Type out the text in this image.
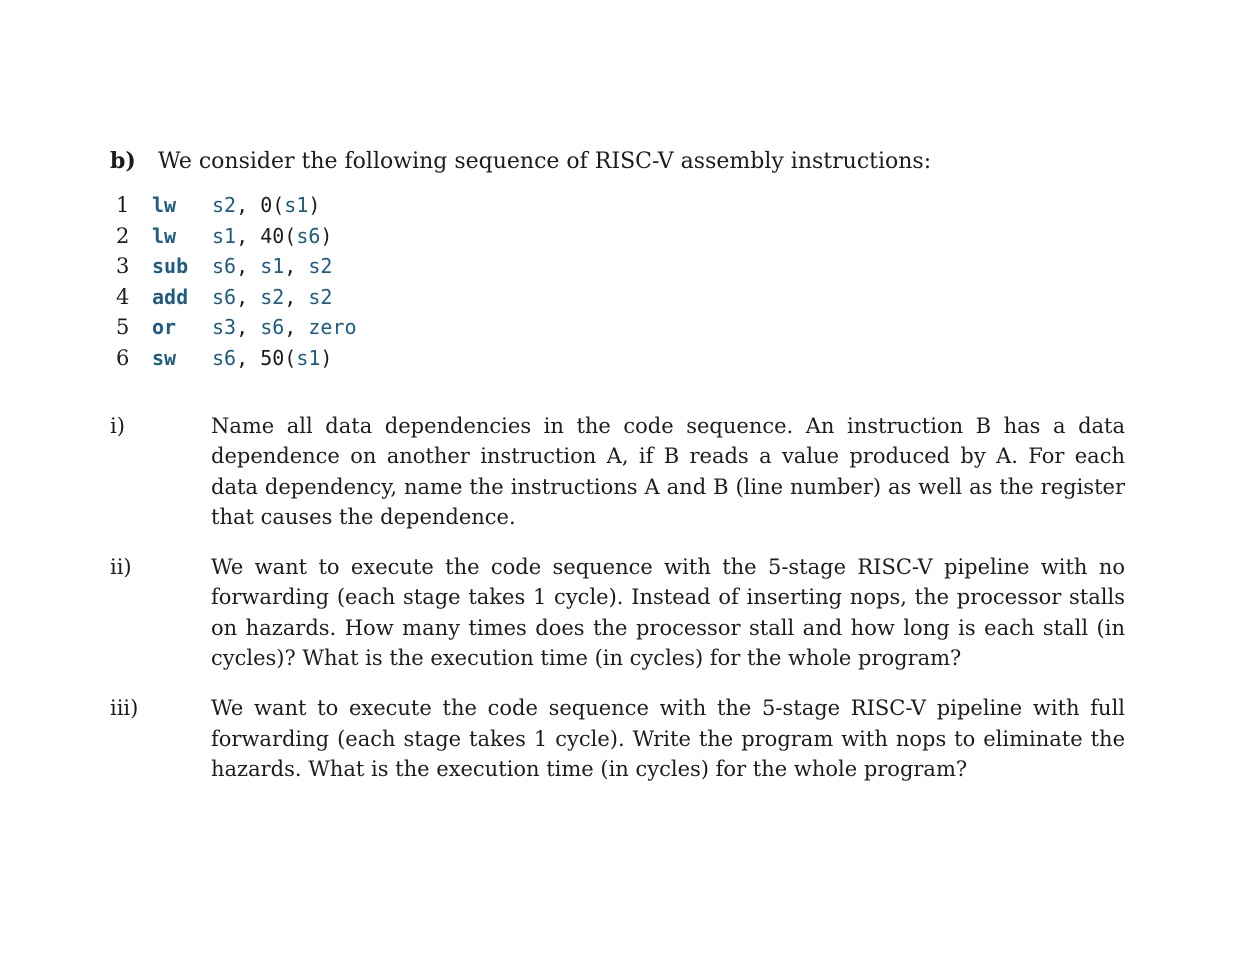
b) We consider the following sequence of RISC-V assembly instructions:
1 lw s2, 0(s1)
2 lw s1, 40(s6)
3 sub s6, s1, s2
4 add s6, s2, s2
5 or s3, s6, zero
6 sw s6, 50(s1)
i)	Name all data dependencies in the code sequence. An instruction B has a data dependence on another instruction A, if B reads a value produced by A. For each data dependency, name the instructions A and B (line number) as well as the register that causes the dependence.
ii)	We want to execute the code sequence with the 5-stage RISC-V pipeline with no forwarding (each stage takes 1 cycle). Instead of inserting nops, the processor stalls on hazards. How many times does the processor stall and how long is each stall (in cycles)? What is the execution time (in cycles) for the whole program?
iii)	We want to execute the code sequence with the 5-stage RISC-V pipeline with full forwarding (each stage takes 1 cycle). Write the program with nops to eliminate the hazards. What is the execution time (in cycles) for the whole program?
